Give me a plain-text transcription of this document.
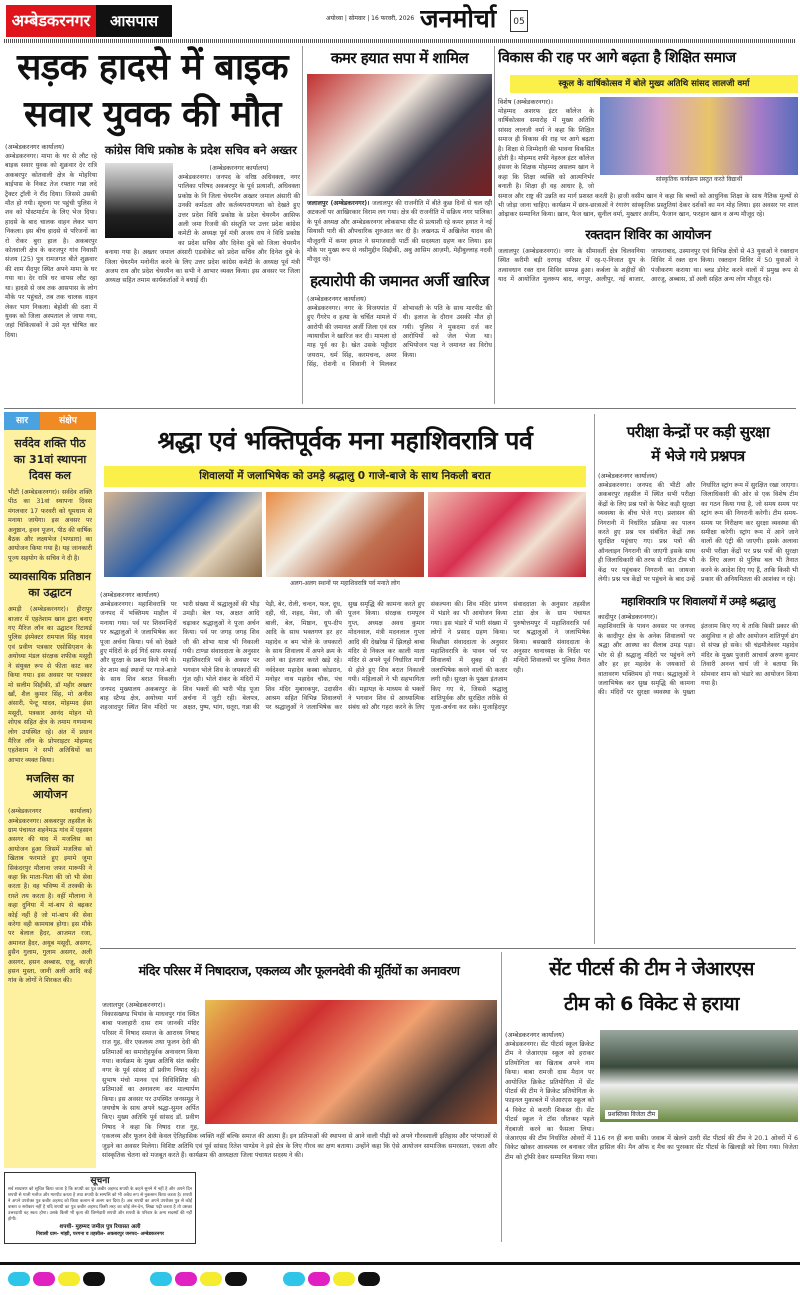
अम्बेडकरनगर	आसपास	अयोध्या | सोमवार | 16 फरवरी, 2026 जनमोर्चा	05
सड़क हादसे में बाइक
सवार युवक की मौत
(अम्बेडकरनगर कार्यालय)
अम्बेडकरनगर। मामा के घर से लौट रहे बाइक सवार युवक को शुक्रवार देर रात्रि अकबरपुर कोतवाली क्षेत्र के मोहरिया बाईपास के निकट तेज रफ्तार गन्ना लदे ट्रैक्टर ट्रॉली ने रौंद दिया। जिससे उसकी मौत हो गयी। सूचना पर पहुंची पुलिस ने शव को पोस्टमार्टम के लिए भेज दिया। हादसे के बाद चालक वाहन लेकर भाग निकला। इस बीच हादसे से परिजनों का रो रोकर बुरा हाल है। अकबरपुर कोतवाली क्षेत्र के करजपुर गांव निवासी संजय (25) पुत्र रामजगत बीते शुक्रवार की शाम सैदपुर स्थित अपने मामा के घर गया था। देर रात्रि घर वापस लौट रहा था। हादसे से जब तक आसपास के लोग मौके पर पहुंचते, तब तक चालक वाहन लेकर भाग निकला। बेहोशी की दशा में युवक को जिला अस्पताल ले जाया गया, जहां चिकित्सकों ने उसे मृत घोषित कर दिया।
कांग्रेस विधि प्रकोष्ठ के प्रदेश सचिव बने अख्तर
(अम्बेडकरनगर कार्यालय)
अम्बेडकरनगर। जनपद के वरिष्ठ अधिवक्ता, नगर पालिका परिषद अकबरपुर के पूर्व प्रत्याशी, अधिवक्ता प्रकोष्ठ के नि जिला चेयरमैन अख्तर जमाल अंसारी की उनकी कर्मठता और कर्तव्यपरायणता को देखते हुए उत्तर प्रदेश विधि प्रकोष्ठ के प्रदेश चेयरमैन आसिफ अली जमा रिजवी की संस्तुति पर उत्तर प्रदेश कांग्रेस कमेटी के अध्यक्ष पूर्व मंत्री अजय राय ने विधि प्रकोष्ठ का प्रदेश सचिव और दिनेश दुबे को जिला चेयरमैन बनाया गया है। अख्तर जमाल अंसारी एडवोकेट को प्रदेश सचिव और दिनेश दुबे के जिला चेयरमैन मनोनीत करने के लिए उत्तर प्रदेश कांग्रेस कमेटी के अध्यक्ष पूर्व मंत्री अजय राय और प्रदेश चेयरमैन का सभी ने आभार व्यक्त किया। इस अवसर पर जिला अध्यक्ष सहित तमाम कार्यकर्ताओं ने बधाई दी।
कमर हयात सपा में शामिल
जलालपुर (अम्बेडकरनगर)। जलालपुर की राजनीति में बीते कुछ दिनों से चल रही अटकलों पर आखिरकार विराम लग गया। क्षेत्र की राजनीति में सक्रिय नगर पालिका के पूर्व अध्यक्ष और अम्बेडकरनगर लोकसभा सीट से प्रत्याशी रहे कमर हयात ने नई सियासी पारी की औपचारिक शुरुआत कर दी है। लखनऊ में अखिलेश यादव की मौजूदगी में कमर हयात ने समाजवादी पार्टी की सदस्यता ग्रहण कर लिया। इस मौके पर मुख्य रूप से नसीमुद्दीन सिद्दीकी, अबु आसिम आज़मी, मेहीबुल्लाह नदवी मौजूद रहे।
हत्यारोपी की जमानत अर्जी खारिज
(अम्बेडकरनगर कार्यालय)
अम्बेडकरनगर। नगर के विजयपांत में हुए गैंगरेप व हत्या के चर्चित मामले में आरोपी की जमानत अर्जी जिला एवं सत्र न्यायाधीश ने खारिज कर दी। मामला दो माह पूर्व का है। खेत उसके पट्टीदार जयराम, धर्म सिंह, करमचन्द, अमर सिंह, रोशनी व शिवानी ने मिलकर शोभावती के पति के साथ मारपीट की थी। इलाज के दौरान उसकी मौत हो गयी। पुलिस ने मुकदमा दर्ज कर आरोपियों को जेल भेजा था। अभियोजन पक्ष ने जमानत का विरोध किया।
विकास की राह पर आगे बढ़ता है शिक्षित समाज
स्कूल के वार्षिकोत्सव में बोले मुख्य अतिथि सांसद लालजी वर्मा
सांस्कृतिक कार्यक्रम प्रस्तुत करते विद्यार्थी
विशेष (अम्बेडकरनगर)।
मोहम्मद अशरफ इंटर कॉलेज के वार्षिकोत्सव समारोह में मुख्य अतिथि सांसद लालजी वर्मा ने कहा कि शिक्षित समाज ही विकास की राह पर आगे बढ़ता है। शिक्षा से जिम्मेदारी की भावना विकसित होती है। मोहम्मद शफी नेहरुल इंटर कॉलेज हंसवर के शिक्षक मोहम्मद असलम खान ने कहा कि शिक्षा व्यक्ति को आत्मनिर्भर बनाती है। शिक्षा ही वह आधार है, जो समाज और राष्ट्र की उन्नति का मार्ग प्रशस्त करती है। हाजी वसीम खान ने कहा कि बच्चों को आधुनिक शिक्षा के साथ नैतिक मूल्यों से भी जोड़ा जाना चाहिए। कार्यक्रम में छात्र-छात्राओं ने रंगारंग सांस्कृतिक प्रस्तुतियां देकर दर्शकों का मन मोह लिया। इस अवसर पर शाल ओढ़ाकर सम्मानित किया। ख़ान, फैज खान, सुनील वर्मा, मुख्तार अजीम, फैजान खान, फरहान खान व अन्य मौजूद रहे।
रक्तदान शिविर का आयोजन
जलालपुर (अम्बेडकरनगर)। नगर के सीमावर्ती क्षेत्र चिलवनिया स्थित करीमी बड़ी दरगाह परिसर में रह-ए-निजात ग्रुप के तत्वावधान रक्त दान शिविर सम्पन्न हुआ। कर्बला के शहीदों की याद में आयोजित मुलरूप बाद, नगपुर, अलीपुर, नई बाजार, जाफराबाद, उस्मानपुर एवं विभिन्न क्षेत्रों से 43 युवाओं ने रक्तदान शिविर में रक्त दान किया। रक्तदान शिविर में 50 युवाओं ने पंजीकरण कराया था। ब्लड डोनेट करने वालों में प्रमुख रूप से आरजू, अब्बास, डॉ अली सहित अन्य लोग मौजूद रहे।
सार	संक्षेप
सर्वदेव शक्ति पीठ का 31वां स्थापना दिवस कल
भीटी (अम्बेडकरनगर)। सर्वदेव शक्ति पीठ का 31वां स्थापना दिवस मंगलवार 17 फरवरी को धूमधाम से मनाया जायेगा। इस अवसर पर अनुष्ठान, हवन पूजन, पीठ की वार्षिक बैठक और लक्ष्यभेज (भण्डारा) का आयोजन किया गया है। यह जानकारी पूज्य सहयोग के सचिव ने दी है।
व्यावसायिक प्रतिष्ठान का उद्घाटन
अमड़ी (अम्बेडकरनगर)। हीरापुर बाजार में एहतेशाम खान द्वारा बनाए गए मैरिज लॉन का उद्घाटन रिटायर्ड पुलिस इंस्पेक्टर रामपाल सिंह यादव एवं प्रवीण पत्रकार एसोसिएशन के अयोध्या मंडल संरक्षक शफीक मसूदी ने संयुक्त रूप से फीता काट कर किया गया। इस अवसर पर पत्रकार मो सलीम सिद्दीकी, डॉ महीर अख्तर खाँ, शैल कुमार सिंह, मो अनीस अंसारी, पेन्टू यादव, मोहम्मद ईसा मसूदी, पत्रकार आनंद मोहन मो शोएब सहित क्षेत्र के तमाम गणमान्य लोग उपस्थित रहे। अंत में प्रधान मैरिज लॉन के प्रोपराइटर मोहम्मद एहतेशाम ने सभी अतिथियों का आभार व्यक्त किया।
मजलिस का आयोजन
(अम्बेडकरनगर कार्यालय) अम्बेडकरनगर। अकबरपुर तहसील के ग्राम पंचायत शहनेमऊ गांव में एहसान असगर की याद में मजलिस का आयोजन हुआ जिसमें मजलिस को खिताब फरमाते हुए इमामे जुमा सिकंदरपुर मौलाना जफर मारूफी ने कहा कि माता-पिता की जो भी सेवा करता है। वह भविष्य में तरक्की के रास्ते तय करता है। वहीं मौलाना ने कहा दुनिया में मां-बाप से बढ़कर कोई नहीं है जो मां-बाप की सेवा करेगा वही कामयाब होगा। इस मौके पर बेलाल हैदर, आजमत रजा, अमानत हैदर, अयूब मसूदी, असगर, हुसैन गुलाम, गुलाम असगर, अली असगर, हसन अब्बास, एजू, काज़ी हसन मुस्ता, जानी अली आदि कई गांव के लोगों ने शिरकत की।
श्रद्धा एवं भक्तिपूर्वक मना महाशिवरात्रि पर्व
शिवालयों में जलाभिषेक को उमड़े श्रद्धालु 0 गाजे-बाजे के साथ निकली बरात
अलग-अलग स्थानों पर महाशिवरात्रि पर्व मनाते लोग
(अम्बेडकरनगर कार्यालय)
अम्बेडकरनगर। महाशिवरात्रि पर जनपद में भक्तिमय माहौल में मनाया गया। पर्व पर शिवमन्दिरों पर श्रद्धालुओं ने जलाभिषेक कर पूजा अर्चना किया। पर्व को देखते हुए मंदिरों के इर्द गिर्द साफ सफाई और सुरक्षा के प्रबन्ध किये गये थे। देर शाम कई स्थानों पर गाजे-बाजे के साथ शिव बरात निकली। जनपद मुख्यालय अकबरपुर के बाह स्टैण्ड क्षेत्र, अयोध्या मार्ग शहजादपुर स्थित शिव मंदिरों पर भारी संख्या में श्रद्धालुओं की भीड़ उमड़ी। बेल पत्र, अक्षत आदि चढ़ाकर श्रद्धालुओं ने पूजा अर्चन किया। पर्व पर जगह जगह शिव जी की शोभा यात्रा भी निकाली गयी। टाण्डा संवाददाता के अनुसार महाशिवरात्रि पर्व के अवसर पर भगवान भोले शिव के जयकारों की गूंज रही। भोले शंकर के मंदिरों में शिव भक्तों की भारी भीड़ पूजा अर्चना में जुटी रही। बेलपत्र, अक्षत, पुष्प, भांग, धतूरा, गन्ना की पेड़ी, बेर, रोली, चन्दन, फल, दूध, दही, घी, शहद, मेवा, जौ की बाली, बेल, मिष्ठान, धूप-दीप आदि के साथ भक्तगण हर हर महादेव व बम भोले के जयकारों के साथ शिवालय में अपने क्रम के आने का इंतजार करते खड़े रहे। नर्वदेश्वर महादेव कस्बा कोडरान, मनोहर नाथ महादेव चौक, पंच शिव मंदिर मुबारकपुर, उदासीन आश्रम सहित विभिन्न शिवालयों पर श्रद्धालुओं ने जलाभिषेक कर सुख समृद्धि की कामना करते हुए पूजन किया। संरक्षक रामपूरन गुप्त, अध्यक्ष अवध कुमार मोदनवाल, मंत्री मदनलाल गुप्ता आदि की देखरेख में झिलहो बाबा मंदिर से निकल कर काली माता मंदिर से अपने पूर्व निर्धारित मार्गों से होते हुए शिव बरात निकाली गयी। महिलाओं ने भी सहभागिता की। महायज्ञ के माध्यम से भक्तों ने भगवान शिव से आध्यात्मिक संबंध को और गहरा करने के लिए संकल्पना की। शिव मंदिर प्रांगण में भंडारे का भी आयोजन किया गया। इस भंडारे में भारी संख्या में लोगों ने प्रसाद ग्रहण किया। किछौछा संवाददाता के अनुसार महाशिवरात्रि के पावन पर्व पर शिवालयों में सुबह से ही जलाभिषेक करने वालों की कतार लगी रही। सुरक्षा के पुख्ता इंतजाम किए गए थे, जिससे श्रद्धालु शांतिपूर्वक और सुरक्षित तरीके से पूजा-अर्चना कर सके। मुजाहिदपुर संवाददाता के अनुसार तहसील टांडा क्षेत्र के ग्राम पंचायत पुरुषोत्तमपुर में महाशिवरात्रि पर्व पर श्रद्धालुओं ने जलाभिषेक किया। बसखारी संवाददाता के अनुसार थानाध्यक्ष के निर्देश पर मन्दिरों शिवालयों पर पुलिस तैनात रही।
परीक्षा केन्द्रों पर कड़ी सुरक्षा
में भेजे गये प्रश्नपत्र
(अम्बेडकरनगर कार्यालय)
अम्बेडकरनगर। जनपद की भीटी और अकबरपुर तहसील में स्थित सभी परीक्षा केंद्रों के लिए प्रश्न पत्रों के पैकेट कड़ी सुरक्षा व्यवस्था के बीच भेजे गए। प्रशासन की निगरानी में निर्धारित प्रक्रिया का पालन करते हुए प्रश्न पत्र संबंधित केंद्रों तक सुरक्षित पहुंचाए गए। प्रश्न पत्रों की ऑनलाइन निगरानी की जाएगी इसके साथ ही जिलाधिकारी की तरफ से गठित टीम भी केंद्र पर पहुंचकर निगरानी का जायजा लेगी। प्रश्न पत्र केंद्रों पर पहुंचने के बाद उन्हें निर्धारित स्ट्रांग रूम में सुरक्षित रखा जाएगा। जिलाधिकारी की ओर से एक विशेष टीम का गठन किया गया है, जो समय समय पर स्ट्रांग रूम की निगरानी करेगी। टीम समय-समय पर निरीक्षण कर सुरक्षा व्यवस्था की समीक्षा करेगी। स्ट्रांग रूम में आने जाने वालों की एंट्री की जाएगी। इसके अलावा सभी परीक्षा केंद्रों पर प्रश्न पत्रों की सुरक्षा के लिए अलग से पुलिस बल भी तैनात करने के आदेश दिए गए हैं, ताकि किसी भी प्रकार की अनियमितता की आशंका न रहे।
महाशिवरात्रि पर शिवालयों में उमड़े श्रद्धालु
कादीपुर (अम्बेडकरनगर)।
महाशिवरात्रि के पावन अवसर पर जनपद के कादीपुर क्षेत्र के अनेक शिवालयों पर श्रद्धा और आस्था का सैलाब उमड़ पड़ा। भोर से ही श्रद्धालु मंदिरों पर पहुंचने लगे और हर हर महादेव के जयकारों से वातावरण भक्तिमय हो गया। श्रद्धालुओं ने जलाभिषेक कर सुख समृद्धि की कामना की। मंदिरों पर सुरक्षा व्यवस्था के पुख्ता इंतजाम किए गए थे ताकि किसी प्रकार की असुविधा न हो और आयोजन शांतिपूर्ण ढंग से संपन्न हो सके। श्री चंद्रमौलेश्वर महादेव मंदिर के मुख्य पुजारी आचार्य अरुण कुमार तिवारी अनन्त चार्य जी ने बताया कि सोमवार शाम को भंडारे का आयोजन किया गया है।
मंदिर परिसर में निषादराज, एकलव्य और फूलनदेवी की मूर्तियों का अनावरण
जलालपुर (अम्बेडकरनगर)।
विकासखण्ड भियांव के माधवपुर गांव स्थित बाबा फलाहारी दास राम जानकी मंदिर परिसर में निषाद समाज के आराध्य निषाद राज गुह, वीर एकलव्य तथा फूलन देवी की प्रतिमाओं का समारोहपूर्वक अनावरण किया गया। कार्यक्रम के मुख्य अतिथि संत कबीर नगर के पूर्व सांसद डॉ प्रवीण निषाद रहे। सुभाष मंचो मानव एवं विधिविशिष्ट की प्रतिमाओं का अनावरण कर माल्यार्पण किया। इस अवसर पर उपस्थित जनसमूह ने जयघोष के साथ अपने श्रद्धा-सुमन अर्पित किए। मुख्य अतिथि पूर्व सांसद डॉ. प्रवीण निषाद ने कहा कि निषाद राज गुह, एकलव्य और फूलन देवी केवल ऐतिहासिक व्यक्ति नहीं बल्कि समाज की आत्मा हैं। इन प्रतिमाओं की स्थापना से आने वाली पीढ़ी को अपने गौरवशाली इतिहास और परंपराओं से जुड़ने का अवसर मिलेगा। विशिष्ट अतिथि एवं पूर्व सांसद रितेश पाण्डेय ने इसे क्षेत्र के लिए गौरव का क्षण बताया। उन्होंने कहा कि ऐसे आयोजन सामाजिक समरसता, एकता और सांस्कृतिक चेतना को मजबूत करते हैं। कार्यक्रम की अध्यक्षता जिला पंचायत सदस्य ने की।
सेंट पीटर्स की टीम ने जेआरएस
टीम को 6 विकेट से हराया
प्रशस्तिका विजेता टीम
(अम्बेडकरनगर कार्यालय)
अम्बेडकरनगर। सेंट पीटर्स स्कूल क्रिकेट टीम ने जेआरएस स्कूल को हराकर प्रतियोगिता का खिताब अपने नाम किया। बाबा रामजी दास मैदान पर आयोजित क्रिकेट प्रतियोगिता में सेंट पीटर्स की टीम ने क्रिकेट प्रतियोगिता के फाइनल मुकाबले में जेआरएस स्कूल को 4 विकेट से करारी शिकस्त दी। सेंट पीटर्स स्कूल ने टॉस जीतकर पहले गेंदबाजी करने का फैसला लिया। जेआरएस की टीम निर्धारित ओवरों में 116 रन ही बना सकी। जवाब में खेलने उतरी सेंट पीटर्स की टीम ने 20.1 ओवरों में 6 विकेट खोकर आवश्यक रन बनाकर जीत हासिल की। मैन ऑफ द मैच का पुरस्कार सेंट पीटर्स के खिलाड़ी को दिया गया। विजेता टीम को ट्रॉफी देकर सम्मानित किया गया।
सूचना
सर्व साधारण को सूचित किया जाता है कि शपथी का पुत्र कबीर अहमद शपथी के कहने सुनने में नहीं है और अपने दिन शपथी से गाली गलौज और मारपीट करता है तथा शपथी के सम्पत्ति को भी अवैध रूप से नुकसान किया करता है। शपथी ने अपने उपरोक्त पुत्र कबीर अहमद को किया कलाम से अलग कर दिया है। अब शपथी का अपने उपरोक्त पुत्र से कोई वास्ता व सरोकार नहीं है यदि शपथी का पुत्र कबीर अहमद किसी तरह का कोई लेन-देन, लिखा पढ़ी करता है तो उसका उत्तरदायी वह स्वतः होगा। उसके किसी भी कृत्य की जिम्मेदारी शपथी और शपथी के परिवार के अन्य सदस्यों की नहीं होगी।
शपथी- मुहम्मद जमील पुत्र रियासत अली
निवासी ग्राम- मांझी, परगना व तहसील- अकबरपुर जनपद- अम्बेडकरनगर
